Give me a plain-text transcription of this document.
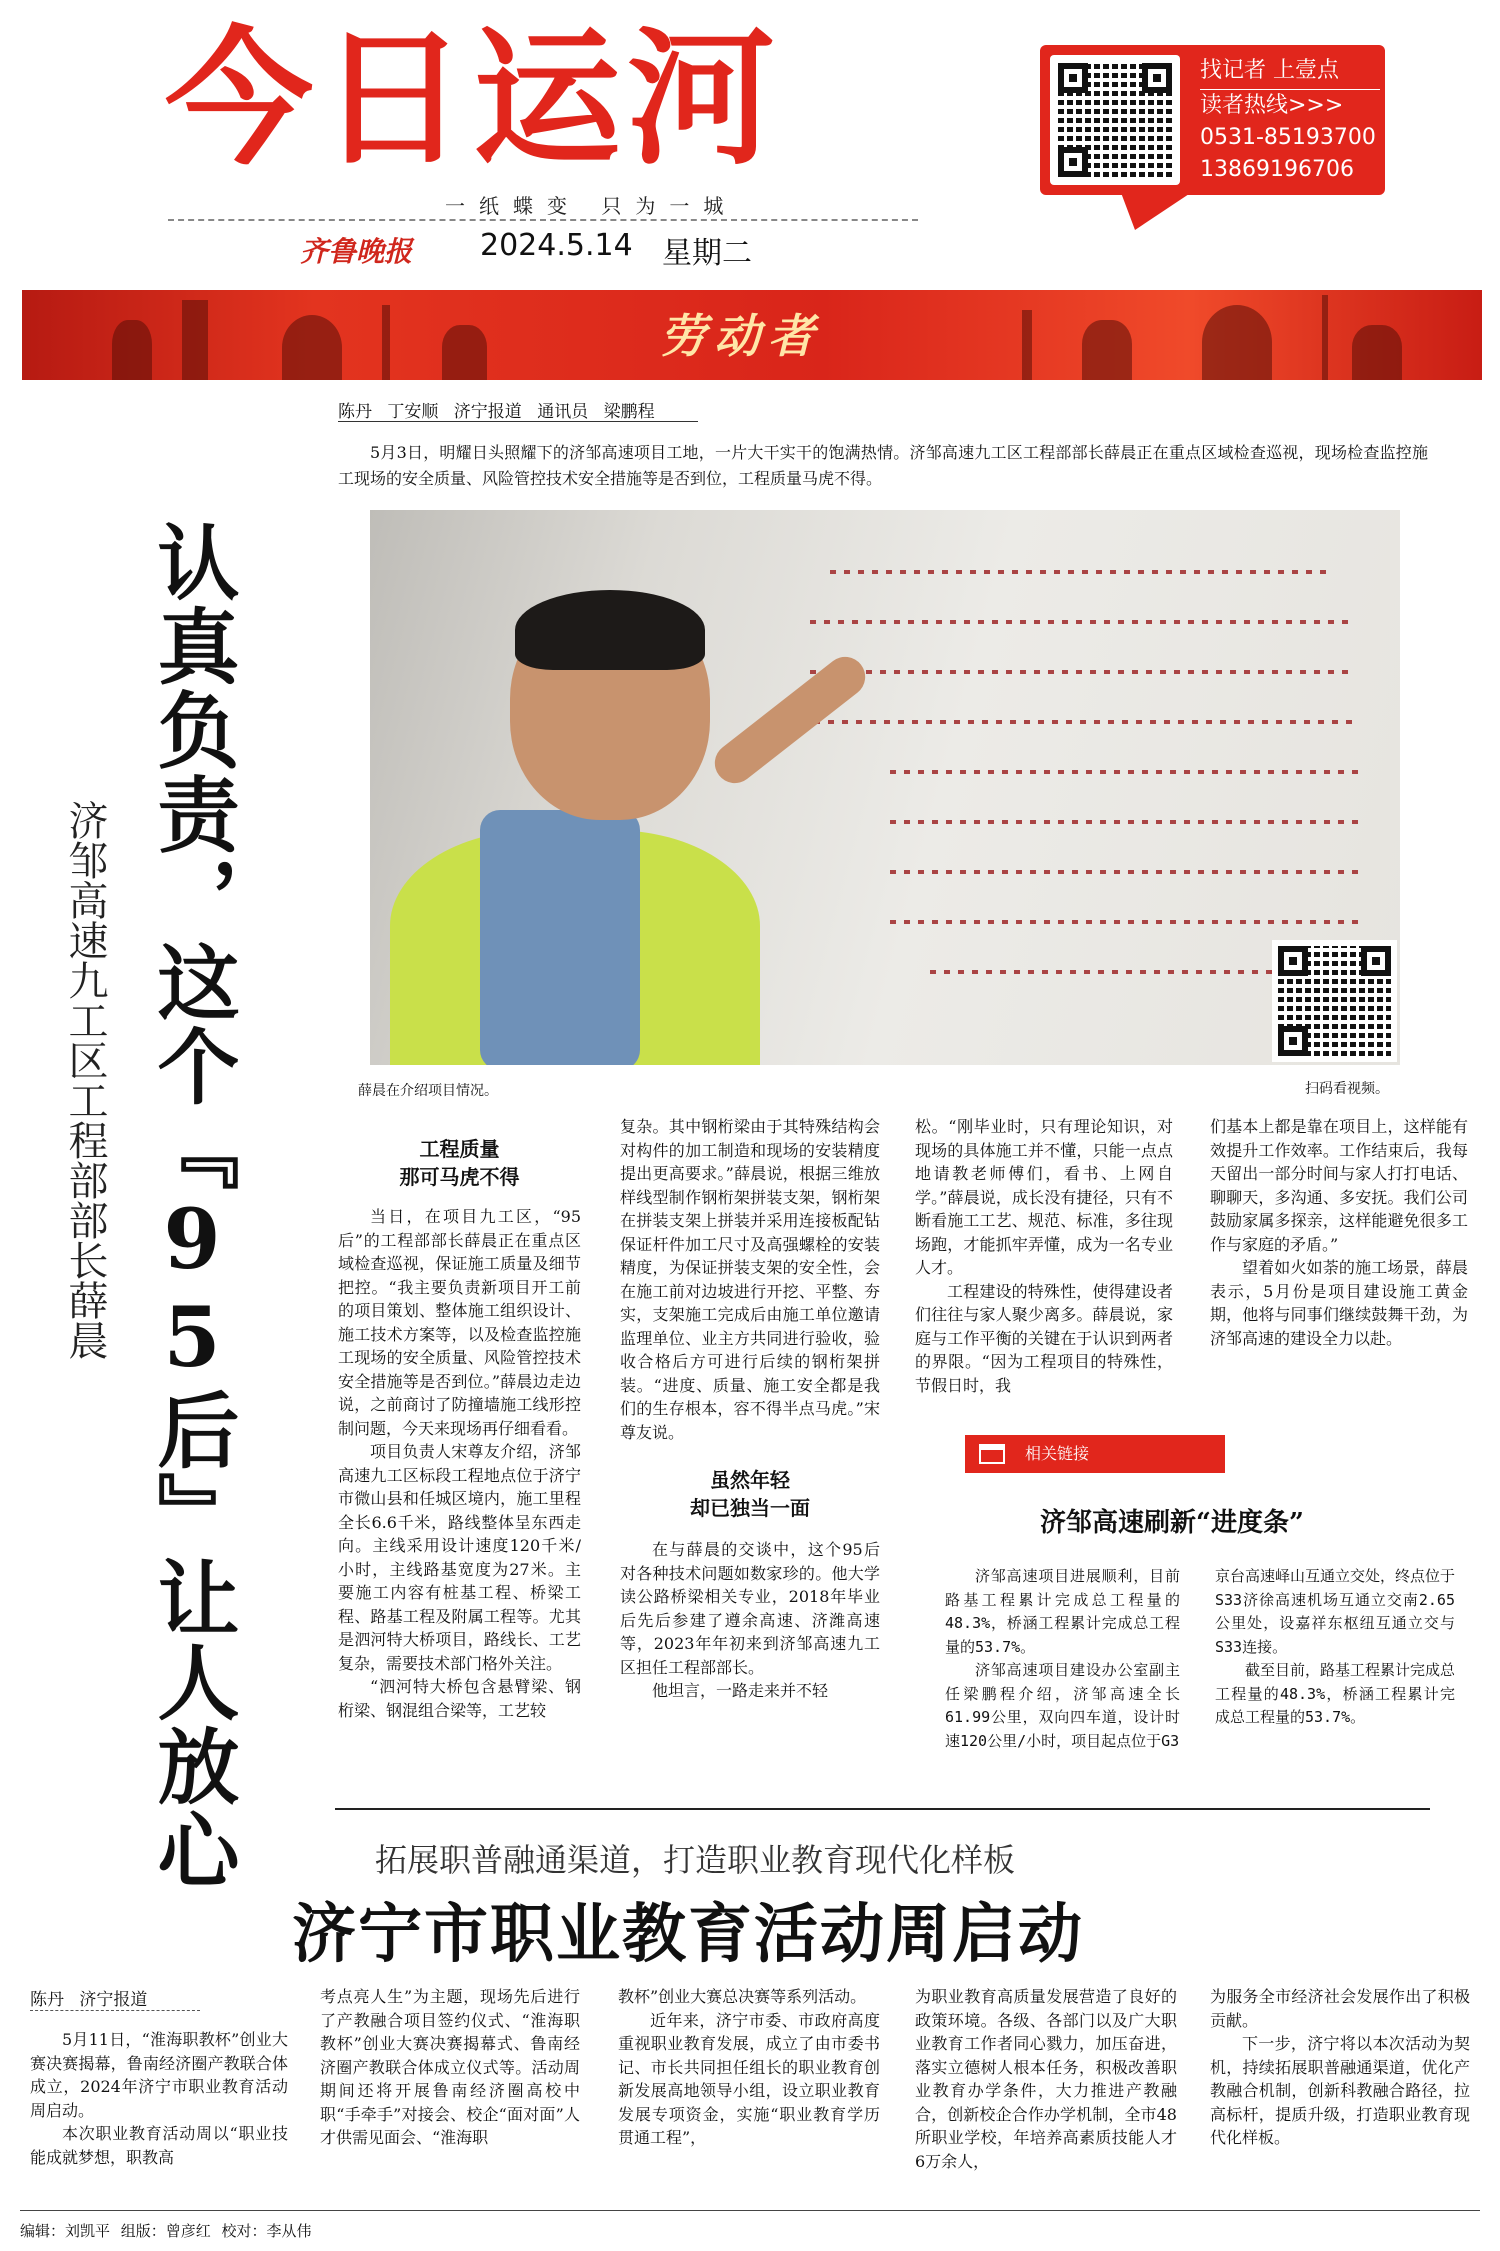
今日运河
一纸蝶变 只为一城
齐鲁晚报 2024.5.14 星期二
找记者 上壹点
读者热线>>>
0531-85193700
13869196706
劳动者
陈丹 丁安顺 济宁报道 通讯员 梁鹏程
5月3日，明耀日头照耀下的济邹高速项目工地，一片大干实干的饱满热情。济邹高速九工区工程部部长薛晨正在重点区域检查巡视，现场检查监控施工现场的安全质量、风险管控技术安全措施等是否到位，工程质量马虎不得。
认真负责，这个『95后』让人放心
济邹高速九工区工程部部长薛晨	薛晨在介绍项目情况。	扫码看视频。
工程质量
那可马虎不得

当日，在项目九工区，“95后”的工程部部长薛晨正在重点区域检查巡视，保证施工质量及细节把控。“我主要负责新项目开工前的项目策划、整体施工组织设计、施工技术方案等，以及检查监控施工现场的安全质量、风险管控技术安全措施等是否到位。”薛晨边走边说，之前商讨了防撞墙施工线形控制问题，今天来现场再仔细看看。

项目负责人宋尊友介绍，济邹高速九工区标段工程地点位于济宁市微山县和任城区境内，施工里程全长6.6千米，路线整体呈东西走向。主线采用设计速度120千米/小时，主线路基宽度为27米。主要施工内容有桩基工程、桥梁工程、路基工程及附属工程等。尤其是泗河特大桥项目，路线长、工艺复杂，需要技术部门格外关注。

“泗河特大桥包含悬臂梁、钢桁梁、钢混组合梁等，工艺较

复杂。其中钢桁梁由于其特殊结构会对构件的加工制造和现场的安装精度提出更高要求。”薛晨说，根据三维放样线型制作钢桁架拼装支架，钢桁架在拼装支架上拼装并采用连接板配钻保证杆件加工尺寸及高强螺栓的安装精度，为保证拼装支架的安全性，会在施工前对边坡进行开挖、平整、夯实，支架施工完成后由施工单位邀请监理单位、业主方共同进行验收，验收合格后方可进行后续的钢桁架拼装。“进度、质量、施工安全都是我们的生存根本，容不得半点马虎。”宋尊友说。

虽然年轻
却已独当一面

在与薛晨的交谈中，这个95后对各种技术问题如数家珍的。他大学读公路桥梁相关专业，2018年毕业后先后参建了遵余高速、济潍高速等，2023年年初来到济邹高速九工区担任工程部部长。

他坦言，一路走来并不轻

松。“刚毕业时，只有理论知识，对现场的具体施工并不懂，只能一点点地请教老师傅们，看书、上网自学。”薛晨说，成长没有捷径，只有不断看施工工艺、规范、标准，多往现场跑，才能抓牢弄懂，成为一名专业人才。

工程建设的特殊性，使得建设者们往往与家人聚少离多。薛晨说，家庭与工作平衡的关键在于认识到两者的界限。“因为工程项目的特殊性，节假日时，我

们基本上都是靠在项目上，这样能有效提升工作效率。工作结束后，我每天留出一部分时间与家人打打电话、聊聊天，多沟通、多安抚。我们公司鼓励家属多探亲，这样能避免很多工作与家庭的矛盾。”

望着如火如荼的施工场景，薛晨表示，5月份是项目建设施工黄金期，他将与同事们继续鼓舞干劲，为济邹高速的建设全力以赴。

相关链接
济邹高速刷新“进度条”

济邹高速项目进展顺利，目前路基工程累计完成总工程量的48.3%，桥涵工程累计完成总工程量的53.7%。

济邹高速项目建设办公室副主任梁鹏程介绍，济邹高速全长61.99公里，双向四车道，设计时速120公里/小时，项目起点位于G3

京台高速峄山互通立交处，终点位于S33济徐高速机场互通立交南2.65公里处，设嘉祥东枢纽互通立交与S33连接。

截至目前，路基工程累计完成总工程量的48.3%，桥涵工程累计完成总工程量的53.7%。

拓展职普融通渠道，打造职业教育现代化样板
济宁市职业教育活动周启动
陈丹 济宁报道

5月11日，“淮海职教杯”创业大赛决赛揭幕，鲁南经济圈产教联合体成立，2024年济宁市职业教育活动周启动。

本次职业教育活动周以“职业技能成就梦想，职教高

考点亮人生”为主题，现场先后进行了产教融合项目签约仪式、“淮海职教杯”创业大赛决赛揭幕式、鲁南经济圈产教联合体成立仪式等。活动周期间还将开展鲁南经济圈高校中职“手牵手”对接会、校企“面对面”人才供需见面会、“淮海职

教杯”创业大赛总决赛等系列活动。

近年来，济宁市委、市政府高度重视职业教育发展，成立了由市委书记、市长共同担任组长的职业教育创新发展高地领导小组，设立职业教育发展专项资金，实施“职业教育学历贯通工程”，

为职业教育高质量发展营造了良好的政策环境。各级、各部门以及广大职业教育工作者同心戮力，加压奋进，落实立德树人根本任务，积极改善职业教育办学条件，大力推进产教融合，创新校企合作办学机制，全市48所职业学校，年培养高素质技能人才6万余人，

为服务全市经济社会发展作出了积极贡献。

下一步，济宁将以本次活动为契机，持续拓展职普融通渠道，优化产教融合机制，创新科教融合路径，拉高标杆，提质升级，打造职业教育现代化样板。

编辑：刘凯平 组版：曾彦红 校对：李从伟
